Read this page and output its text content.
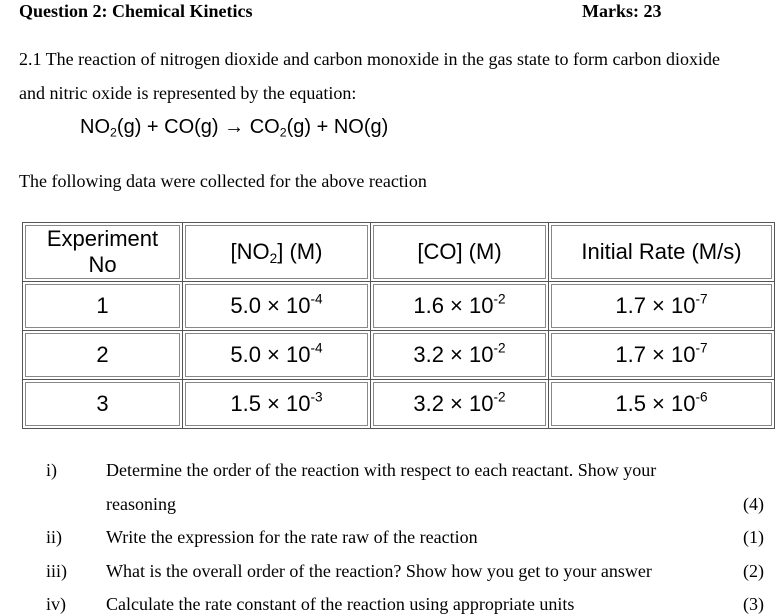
Question 2: Chemical Kinetics	Marks: 23
2.1 The reaction of nitrogen dioxide and carbon monoxide in the gas state to form carbon dioxide
and nitric oxide is represented by the equation:
$NO_2(g) + CO(g) \to CO_2(g) + NO(g)$
The following data were collected for the above reaction
Experiment
No	$[NO_2]$ (M)	[CO] (M)	Initial Rate (M/s)
1	$5.0 \times 10^{-4}$	$1.6 \times 10^{-2}$	$1.7 \times 10^{-7}$
2	$5.0 \times 10^{-4}$	$3.2 \times 10^{-2}$	$1.7 \times 10^{-7}$
3	$1.5 \times 10^{-3}$	$3.2 \times 10^{-2}$	$1.5 \times 10^{-6}$
i)	Determine the order of the reaction with respect to each reactant. Show your
reasoning	(4)
ii) Write the expression for the rate raw of the reaction	(1)
iii) What is the overall order of the reaction? Show how you get to your answer	(2)
iv) Calculate the rate constant of the reaction using appropriate units	(3)
